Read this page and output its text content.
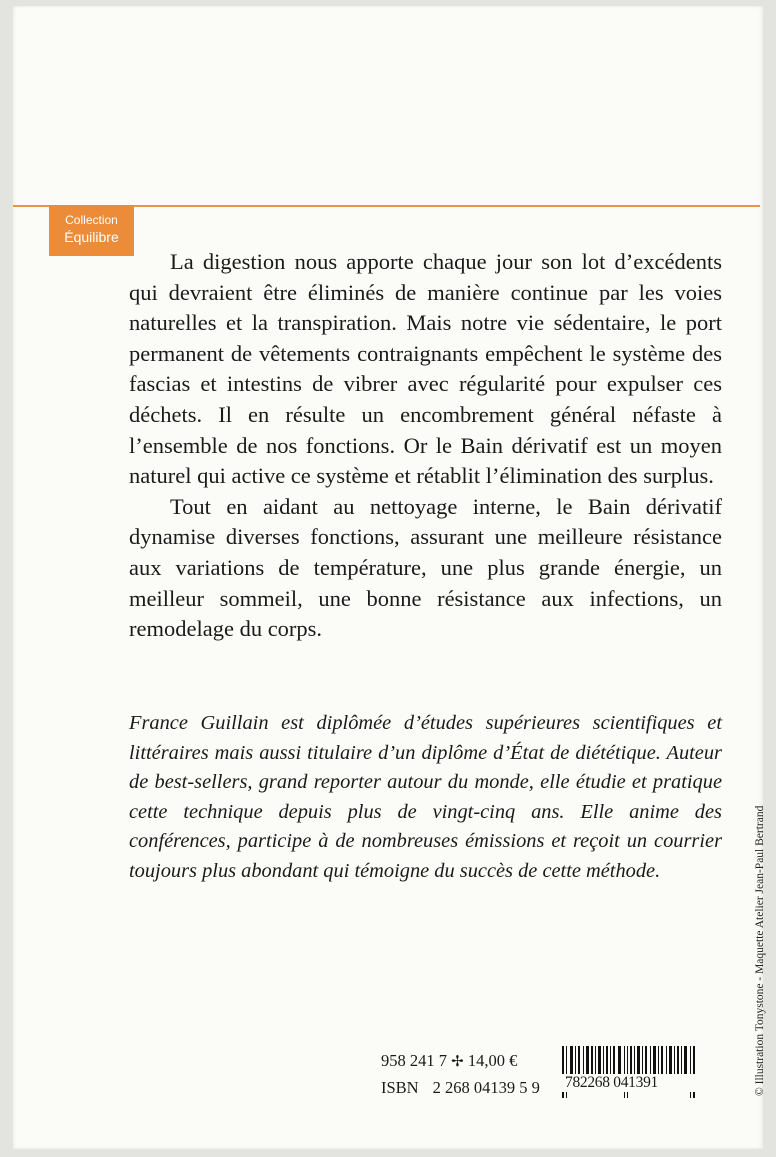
Collection
Équilibre

La digestion nous apporte chaque jour son lot d’excédents qui devraient être éliminés de manière continue par les voies naturelles et la transpiration. Mais notre vie sédentaire, le port permanent de vêtements contraignants empêchent le système des fascias et intestins de vibrer avec régularité pour expulser ces déchets. Il en résulte un encombrement général néfaste à l’ensemble de nos fonctions. Or le Bain dérivatif est un moyen naturel qui active ce système et rétablit l’élimination des surplus.

Tout en aidant au nettoyage interne, le Bain dérivatif dynamise diverses fonctions, assurant une meilleure résistance aux variations de température, une plus grande énergie, un meilleur sommeil, une bonne résistance aux infections, un remodelage du corps.

France Guillain est diplômée d’études supérieures scientifiques et littéraires mais aussi titulaire d’un diplôme d’État de diététique. Auteur de best-sellers, grand reporter autour du monde, elle étudie et pratique cette technique depuis plus de vingt-cinq ans. Elle anime des conférences, participe à de nombreuses émissions et reçoit un courrier toujours plus abondant qui témoigne du succès de cette méthode.	© Illustration Tonystone - Maquette Atelier Jean-Paul Bertrand
958 241 7 ✢ 14,00 €
ISBN 2 268 04139 5 9 782268 041391
